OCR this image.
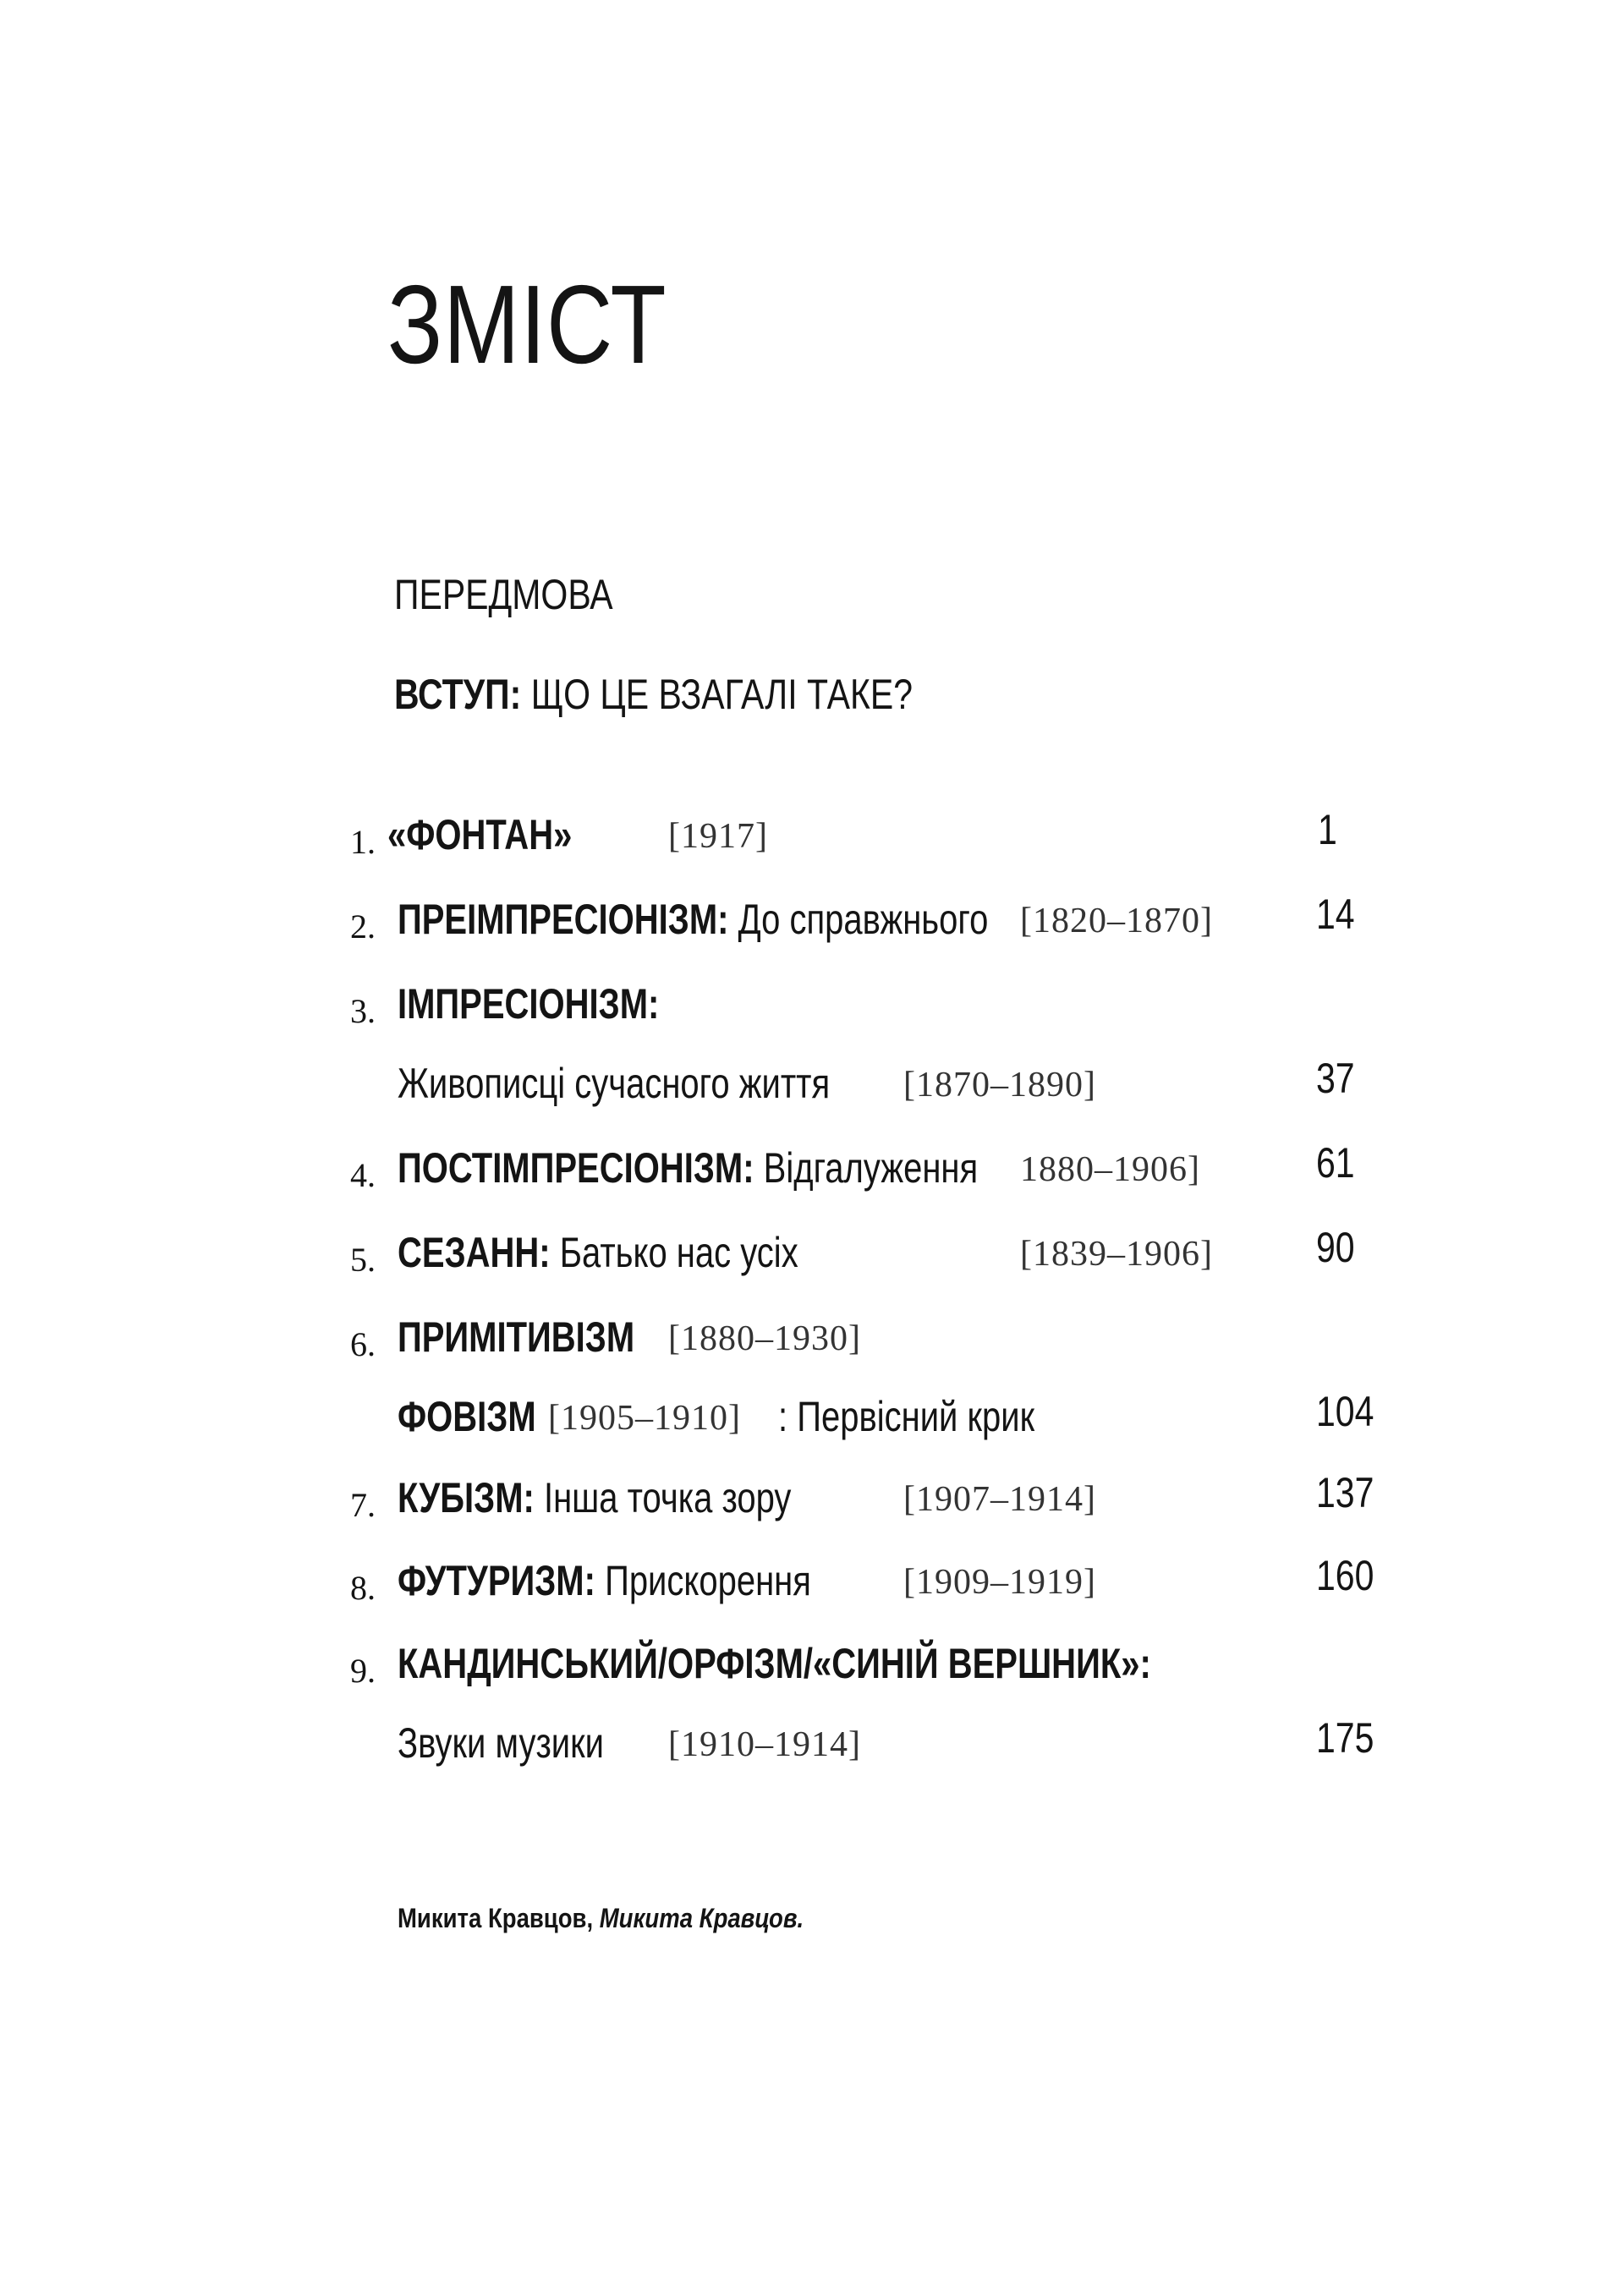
ЗМІСТ
ПЕРЕДМОВА
ВСТУП: ЩО ЦЕ ВЗАГАЛІ ТАКЕ?
1. «ФОНТАН»	[1917]	1
2. ПРЕІМПРЕСІОНІЗМ: До справжнього [1820–1870] 14
3. ІМПРЕСІОНІЗМ:
Живописці сучасного життя [1870–1890]	37
4. ПОСТІМПРЕСІОНІЗМ: Відгалуження 1880–1906]	61
5. СЕЗАНН: Батько нас усіх	[1839–1906] 90
6. ПРИМІТИВІЗМ [1880–1930]
ФОВІЗМ [1905–1910] : Первісний крик	104
7. КУБІЗМ: Інша точка зору	[1907–1914]	137
8. ФУТУРИЗМ: Прискорення	[1909–1919]	160
9. КАНДИНСЬКИЙ/ОРФІЗМ/«СИНІЙ ВЕРШНИК»:
Звуки музики [1910–1914]	175
Микита Кравцов, Микита Кравцов.
